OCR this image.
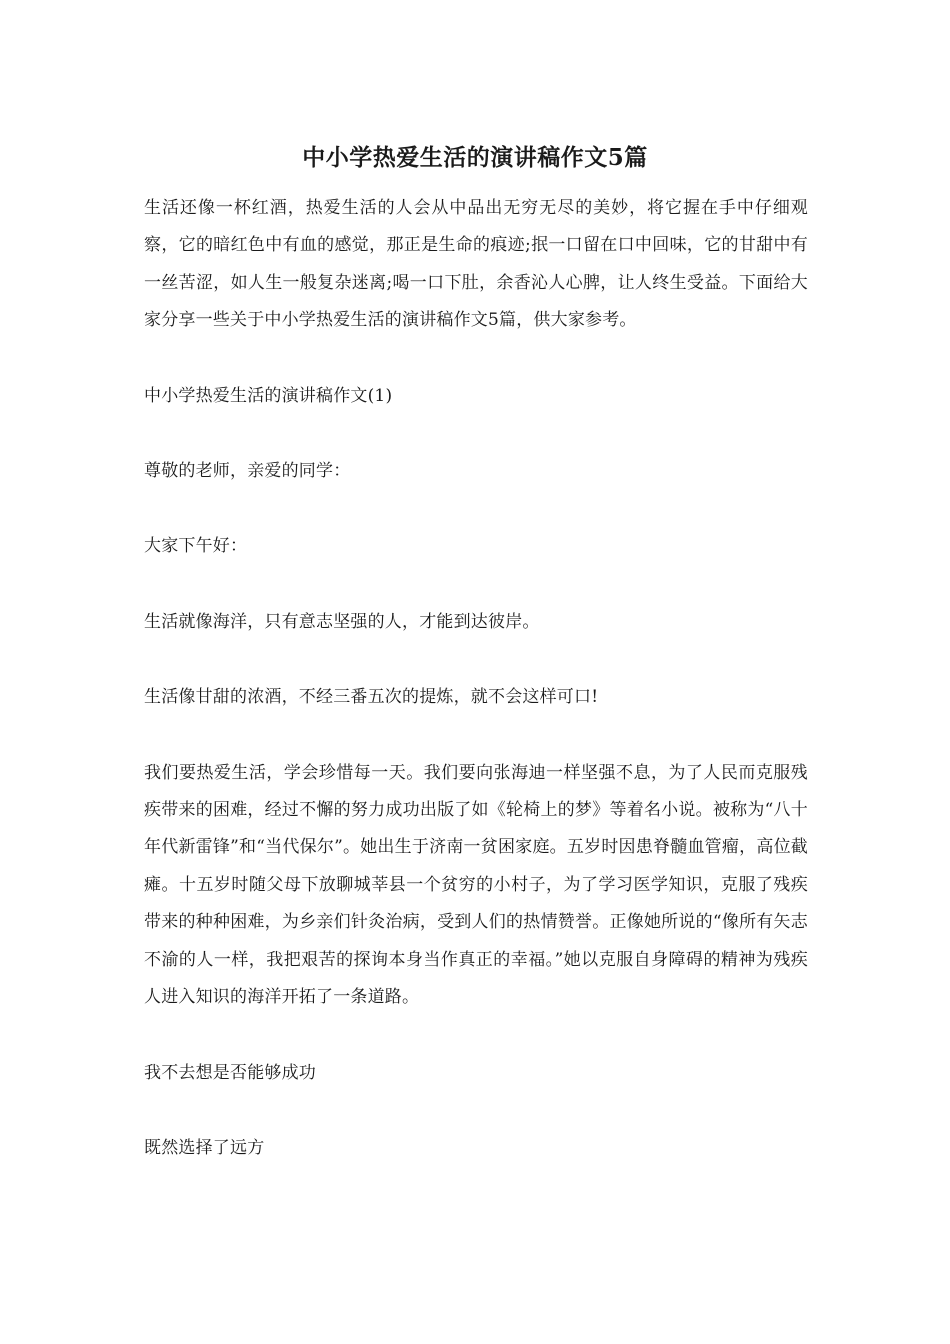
中小学热爱生活的演讲稿作文5篇

生活还像一杯红酒，热爱生活的人会从中品出无穷无尽的美妙，将它握在手中仔细观察，它的暗红色中有血的感觉，那正是生命的痕迹;抿一口留在口中回味，它的甘甜中有一丝苦涩，如人生一般复杂迷离;喝一口下肚，余香沁人心脾，让人终生受益。下面给大家分享一些关于中小学热爱生活的演讲稿作文5篇，供大家参考。

中小学热爱生活的演讲稿作文(1)

尊敬的老师，亲爱的同学：

大家下午好：

生活就像海洋，只有意志坚强的人，才能到达彼岸。

生活像甘甜的浓酒，不经三番五次的提炼，就不会这样可口!

我们要热爱生活，学会珍惜每一天。我们要向张海迪一样坚强不息，为了人民而克服残疾带来的困难，经过不懈的努力成功出版了如《轮椅上的梦》等着名小说。被称为“八十年代新雷锋”和“当代保尔”。她出生于济南一贫困家庭。五岁时因患脊髓血管瘤，高位截瘫。十五岁时随父母下放聊城莘县一个贫穷的小村子，为了学习医学知识，克服了残疾带来的种种困难，为乡亲们针灸治病，受到人们的热情赞誉。正像她所说的“像所有矢志不渝的人一样，我把艰苦的探询本身当作真正的幸福。”她以克服自身障碍的精神为残疾人进入知识的海洋开拓了一条道路。

我不去想是否能够成功

既然选择了远方
